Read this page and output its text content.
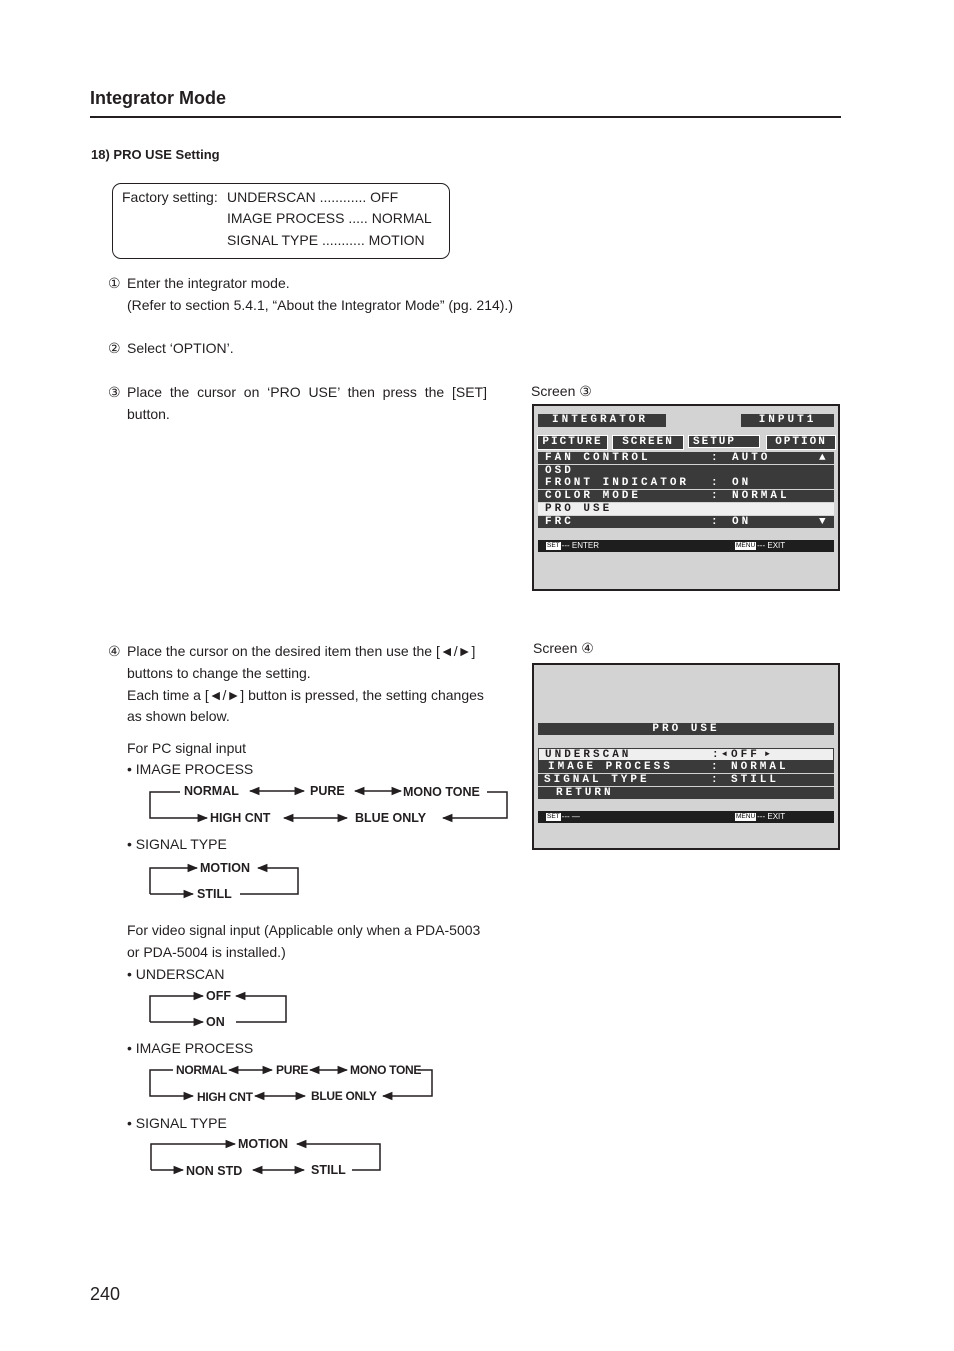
Integrator Mode
18) PRO USE Setting
Factory setting: UNDERSCAN ............ OFF
IMAGE PROCESS ..... NORMAL
SIGNAL TYPE ........... MOTION
① Enter the integrator mode.
(Refer to section 5.4.1, “About the Integrator Mode” (pg. 214).)
② Select ‘OPTION’.
③ Place the cursor on ‘PRO USE’ then press the [SET]
button.
④ Place the cursor on the desired item then use the [◄/►]
buttons to change the setting.
Each time a [◄/►] button is pressed, the setting changes
as shown below.
For PC signal input
• IMAGE PROCESS
NORMAL	PURE	MONO TONE
HIGH CNT	BLUE ONLY
• SIGNAL TYPE
MOTION
STILL
For video signal input (Applicable only when a PDA-5003
or PDA-5004 is installed.)
• UNDERSCAN
OFF
ON
• IMAGE PROCESS
NORMAL	PURE	MONO TONE
HIGH CNT	BLUE ONLY
• SIGNAL TYPE
MOTION
NON STD	STILL
Screen ③
INTEGRATOR	INPUT1
PICTURE	SCREEN	SETUP	OPTION
FAN CONTROL	: AUTO	▲
OSD
FRONT INDICATOR : ON
COLOR MODE	: NORMAL
PRO USE
FRC	: ON	▼
SET --- ENTER	MENU --- EXIT
Screen ④
PRO USE
UNDERSCAN	: ◄ OFF ►
IMAGE PROCESS	: NORMAL
SIGNAL TYPE	: STILL
RETURN
SET --- —	MENU --- EXIT
240
